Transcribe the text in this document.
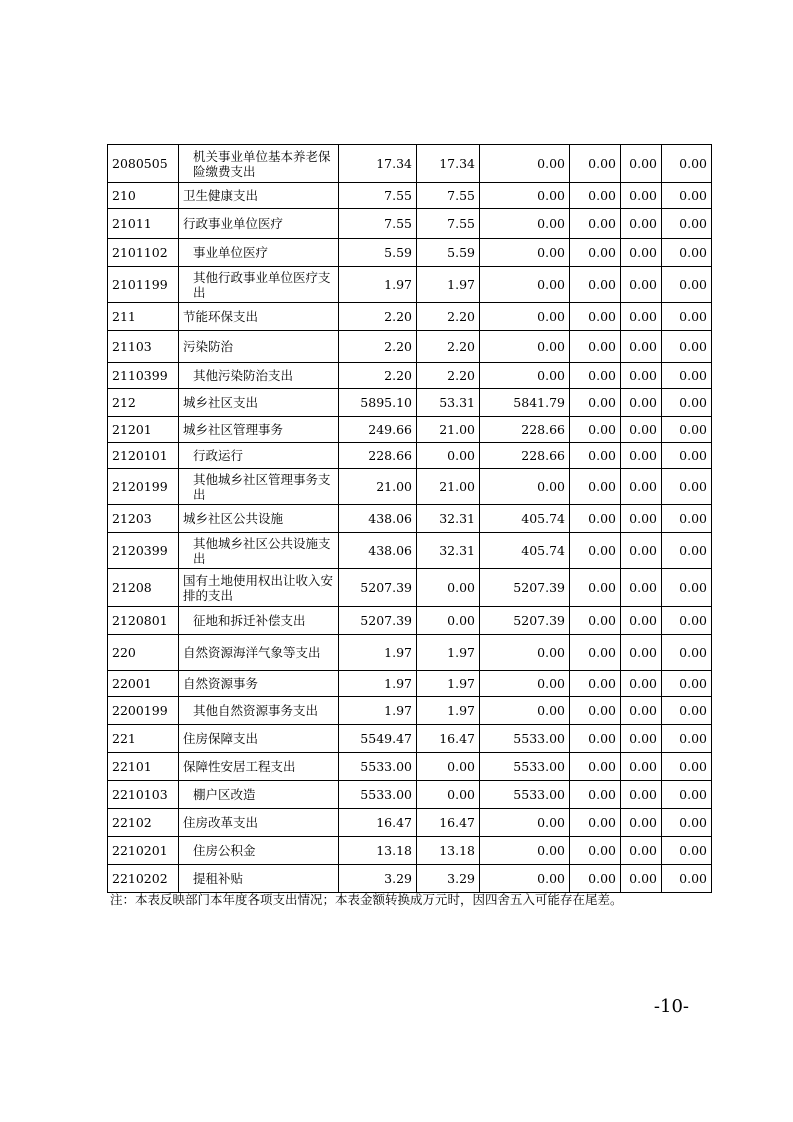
2080505	机关事业单位基本养老保险缴费支出	17.34	17.34	0.00	0.00	0.00	0.00
210	卫生健康支出	7.55	7.55	0.00	0.00	0.00	0.00
21011	行政事业单位医疗	7.55	7.55	0.00	0.00	0.00	0.00
2101102	事业单位医疗	5.59	5.59	0.00	0.00	0.00	0.00
2101199	其他行政事业单位医疗支出	1.97	1.97	0.00	0.00	0.00	0.00
211	节能环保支出	2.20	2.20	0.00	0.00	0.00	0.00
21103	污染防治	2.20	2.20	0.00	0.00	0.00	0.00
2110399	其他污染防治支出	2.20	2.20	0.00	0.00	0.00	0.00
212	城乡社区支出	5895.10	53.31	5841.79	0.00	0.00	0.00
21201	城乡社区管理事务	249.66	21.00	228.66	0.00	0.00	0.00
2120101	行政运行	228.66	0.00	228.66	0.00	0.00	0.00
2120199	其他城乡社区管理事务支出	21.00	21.00	0.00	0.00	0.00	0.00
21203	城乡社区公共设施	438.06	32.31	405.74	0.00	0.00	0.00
2120399	其他城乡社区公共设施支出	438.06	32.31	405.74	0.00	0.00	0.00
21208	国有土地使用权出让收入安排的支出	5207.39	0.00	5207.39	0.00	0.00	0.00
2120801	征地和拆迁补偿支出	5207.39	0.00	5207.39	0.00	0.00	0.00
220	自然资源海洋气象等支出	1.97	1.97	0.00	0.00	0.00	0.00
22001	自然资源事务	1.97	1.97	0.00	0.00	0.00	0.00
2200199	其他自然资源事务支出	1.97	1.97	0.00	0.00	0.00	0.00
221	住房保障支出	5549.47	16.47	5533.00	0.00	0.00	0.00
22101	保障性安居工程支出	5533.00	0.00	5533.00	0.00	0.00	0.00
2210103	棚户区改造	5533.00	0.00	5533.00	0.00	0.00	0.00
22102	住房改革支出	16.47	16.47	0.00	0.00	0.00	0.00
2210201	住房公积金	13.18	13.18	0.00	0.00	0.00	0.00
2210202	提租补贴	3.29	3.29	0.00	0.00	0.00	0.00
注：本表反映部门本年度各项支出情况；本表金额转换成万元时，因四舍五入可能存在尾差。
-10-
